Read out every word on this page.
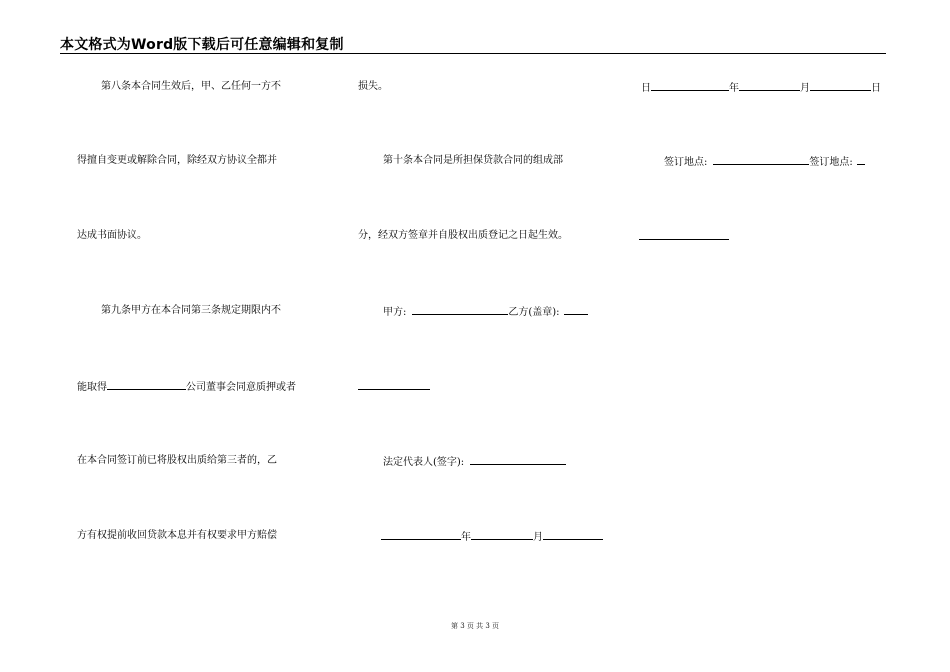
本文格式为Word版下载后可任意编辑和复制
第八条本合同生效后，甲、乙任何一方不
得擅自变更或解除合同，除经双方协议全都并
达成书面协议。
第九条甲方在本合同第三条规定期限内不
能取得	公司董事会同意质押或者
在本合同签订前已将股权出质给第三者的，乙
方有权提前收回贷款本息并有权要求甲方赔偿
损失。
第十条本合同是所担保贷款合同的组成部
分，经双方签章并自股权出质登记之日起生效。
甲方:	乙方(盖章):
法定代表人(签字):
年	月
日	年	月	日
签订地点:	签订地点:
第 3 页 共 3 页
